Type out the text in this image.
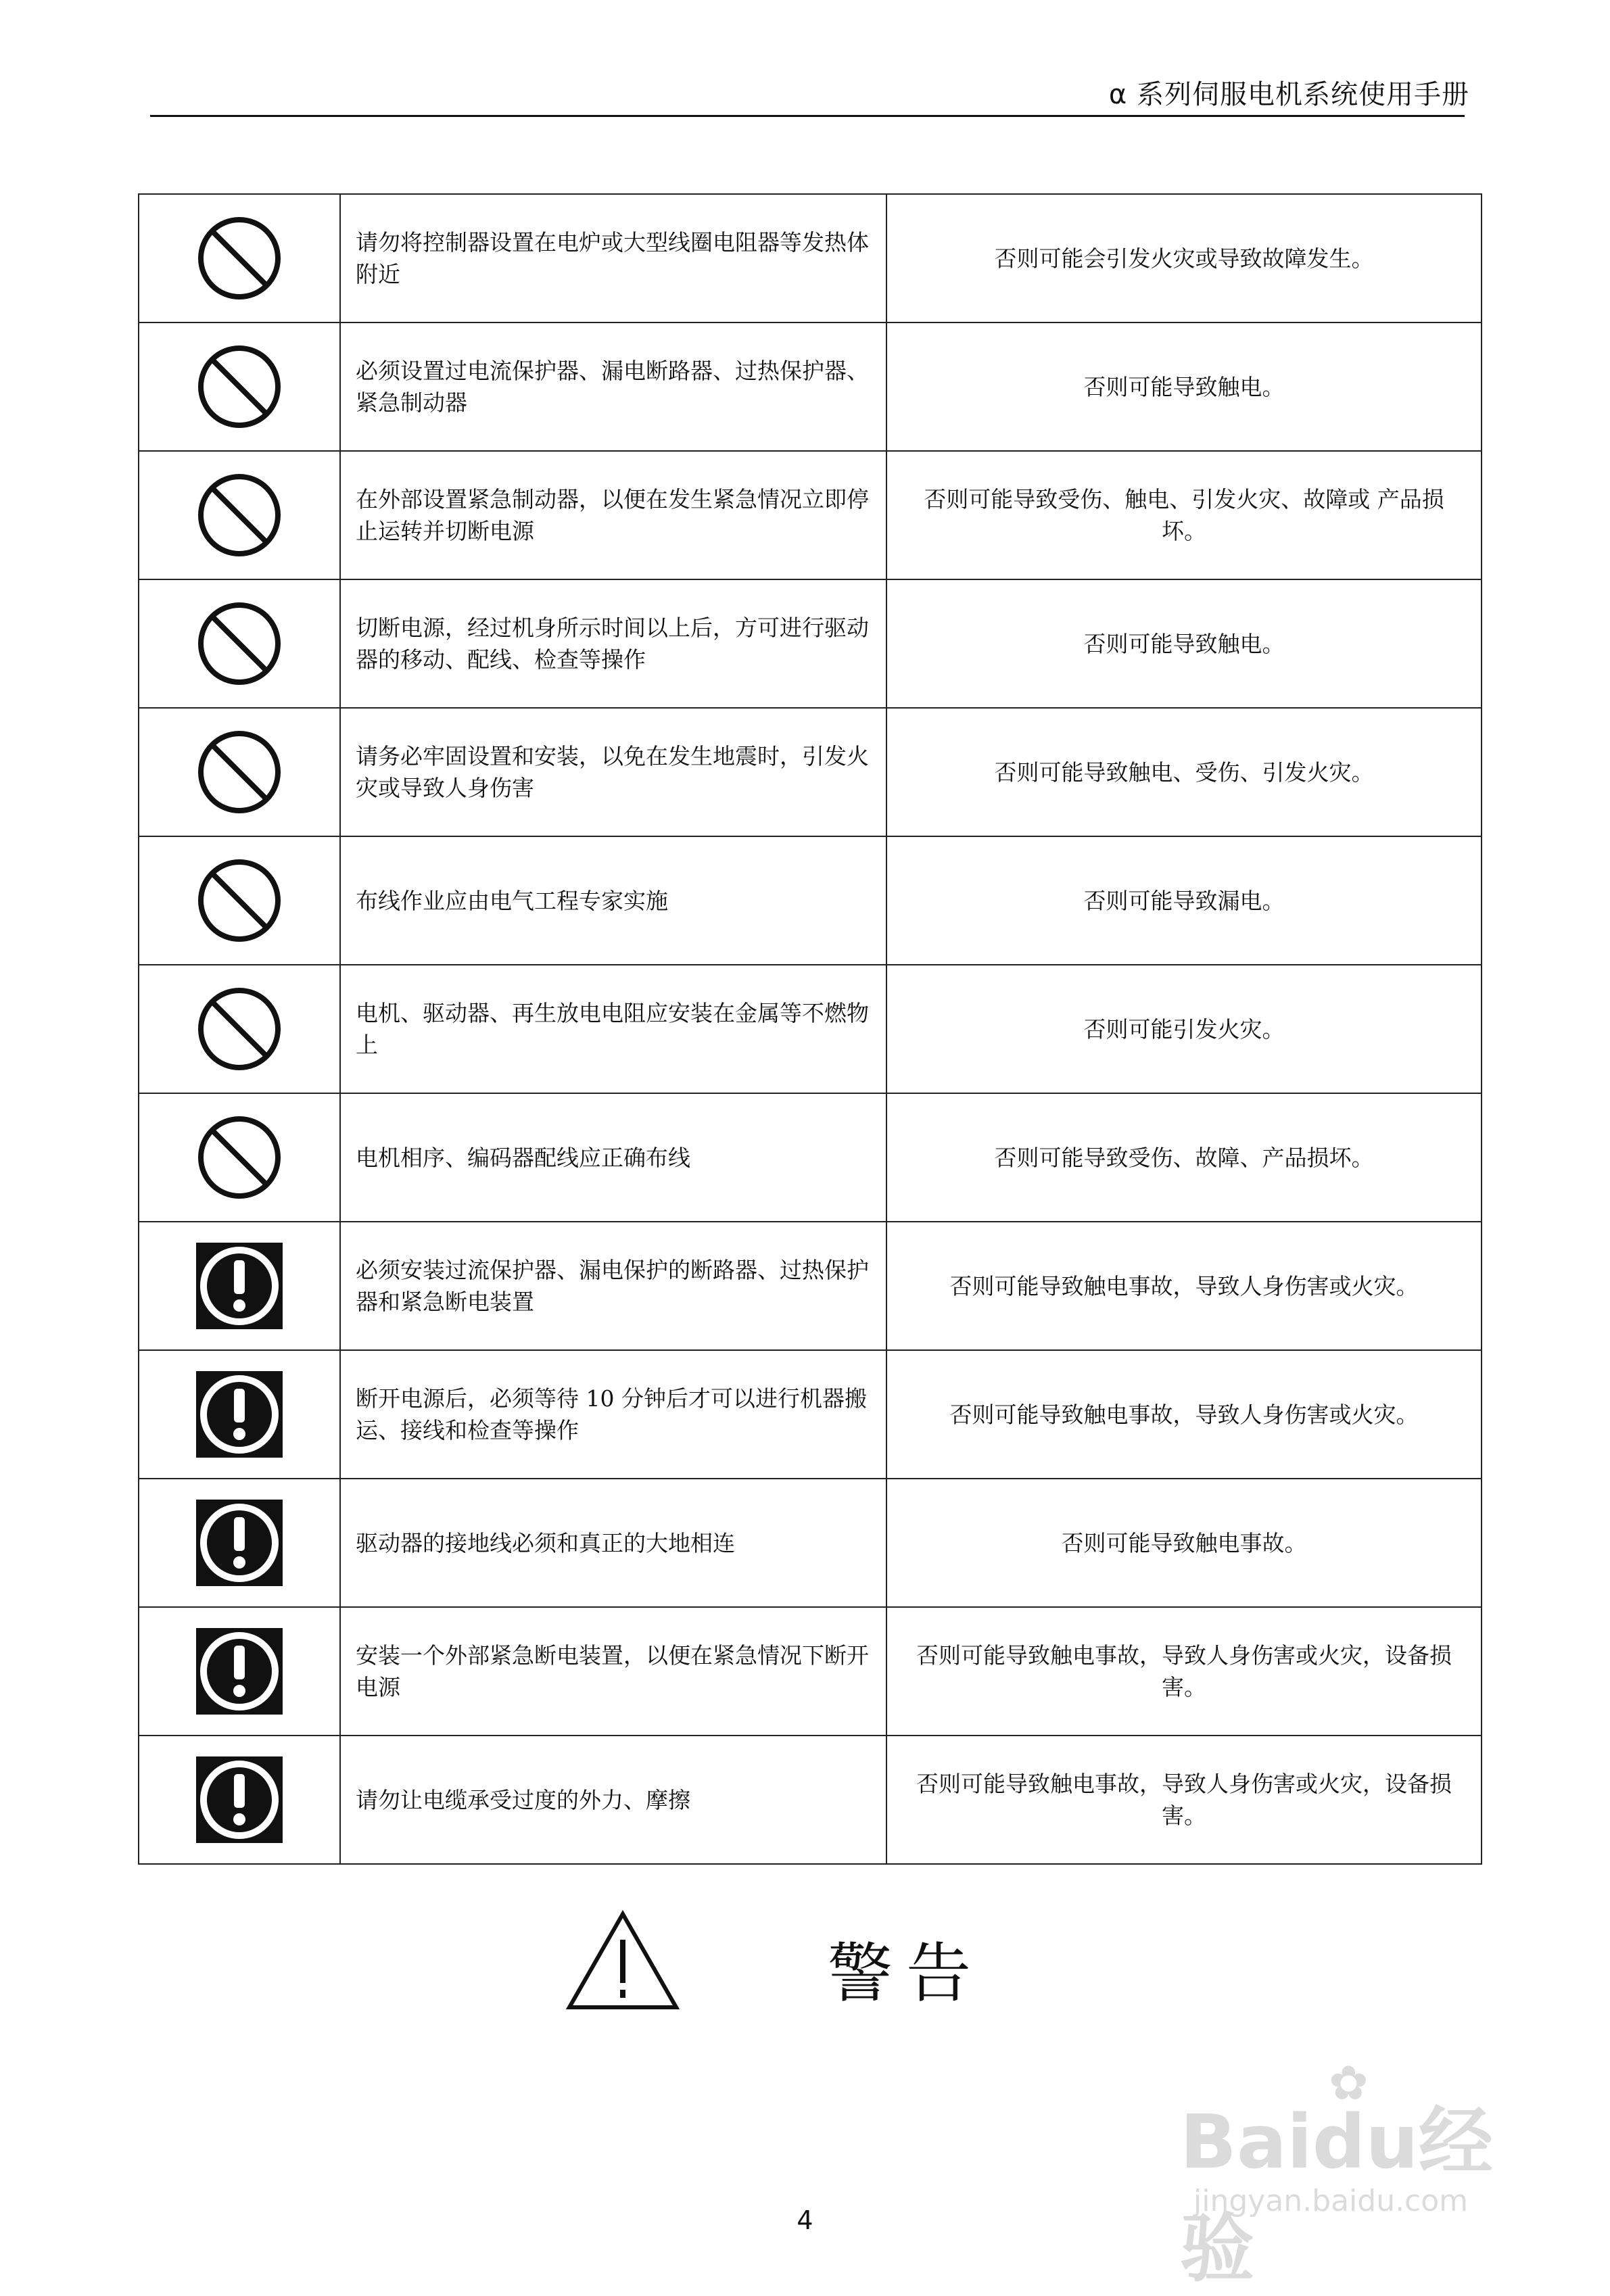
α 系列伺服电机系统使用手册
	请勿将控制器设置在电炉或大型线圈电阻器等发热体附近	否则可能会引发火灾或导致故障发生。

	必须设置过电流保护器、漏电断路器、过热保护器、紧急制动器	否则可能导致触电。

	在外部设置紧急制动器，以便在发生紧急情况立即停止运转并切断电源	否则可能导致受伤、触电、引发火灾、故障或 产品损坏。

	切断电源，经过机身所示时间以上后，方可进行驱动器的移动、配线、检查等操作	否则可能导致触电。

	请务必牢固设置和安装，以免在发生地震时，引发火灾或导致人身伤害	否则可能导致触电、受伤、引发火灾。

	布线作业应由电气工程专家实施	否则可能导致漏电。

	电机、驱动器、再生放电电阻应安装在金属等不燃物上	否则可能引发火灾。

	电机相序、编码器配线应正确布线	否则可能导致受伤、故障、产品损坏。

	必须安装过流保护器、漏电保护的断路器、过热保护器和紧急断电装置	否则可能导致触电事故，导致人身伤害或火灾。

	断开电源后，必须等待 10 分钟后才可以进行机器搬运、接线和检查等操作	否则可能导致触电事故，导致人身伤害或火灾。

	驱动器的接地线必须和真正的大地相连	否则可能导致触电事故。

	安装一个外部紧急断电装置，以便在紧急情况下断开电源	否则可能导致触电事故，导致人身伤害或火灾，设备损害。

	请勿让电缆承受过度的外力、摩擦	否则可能导致触电事故，导致人身伤害或火灾，设备损害。
警告
✿
Baidu经验
jingyan.baidu.com
4
